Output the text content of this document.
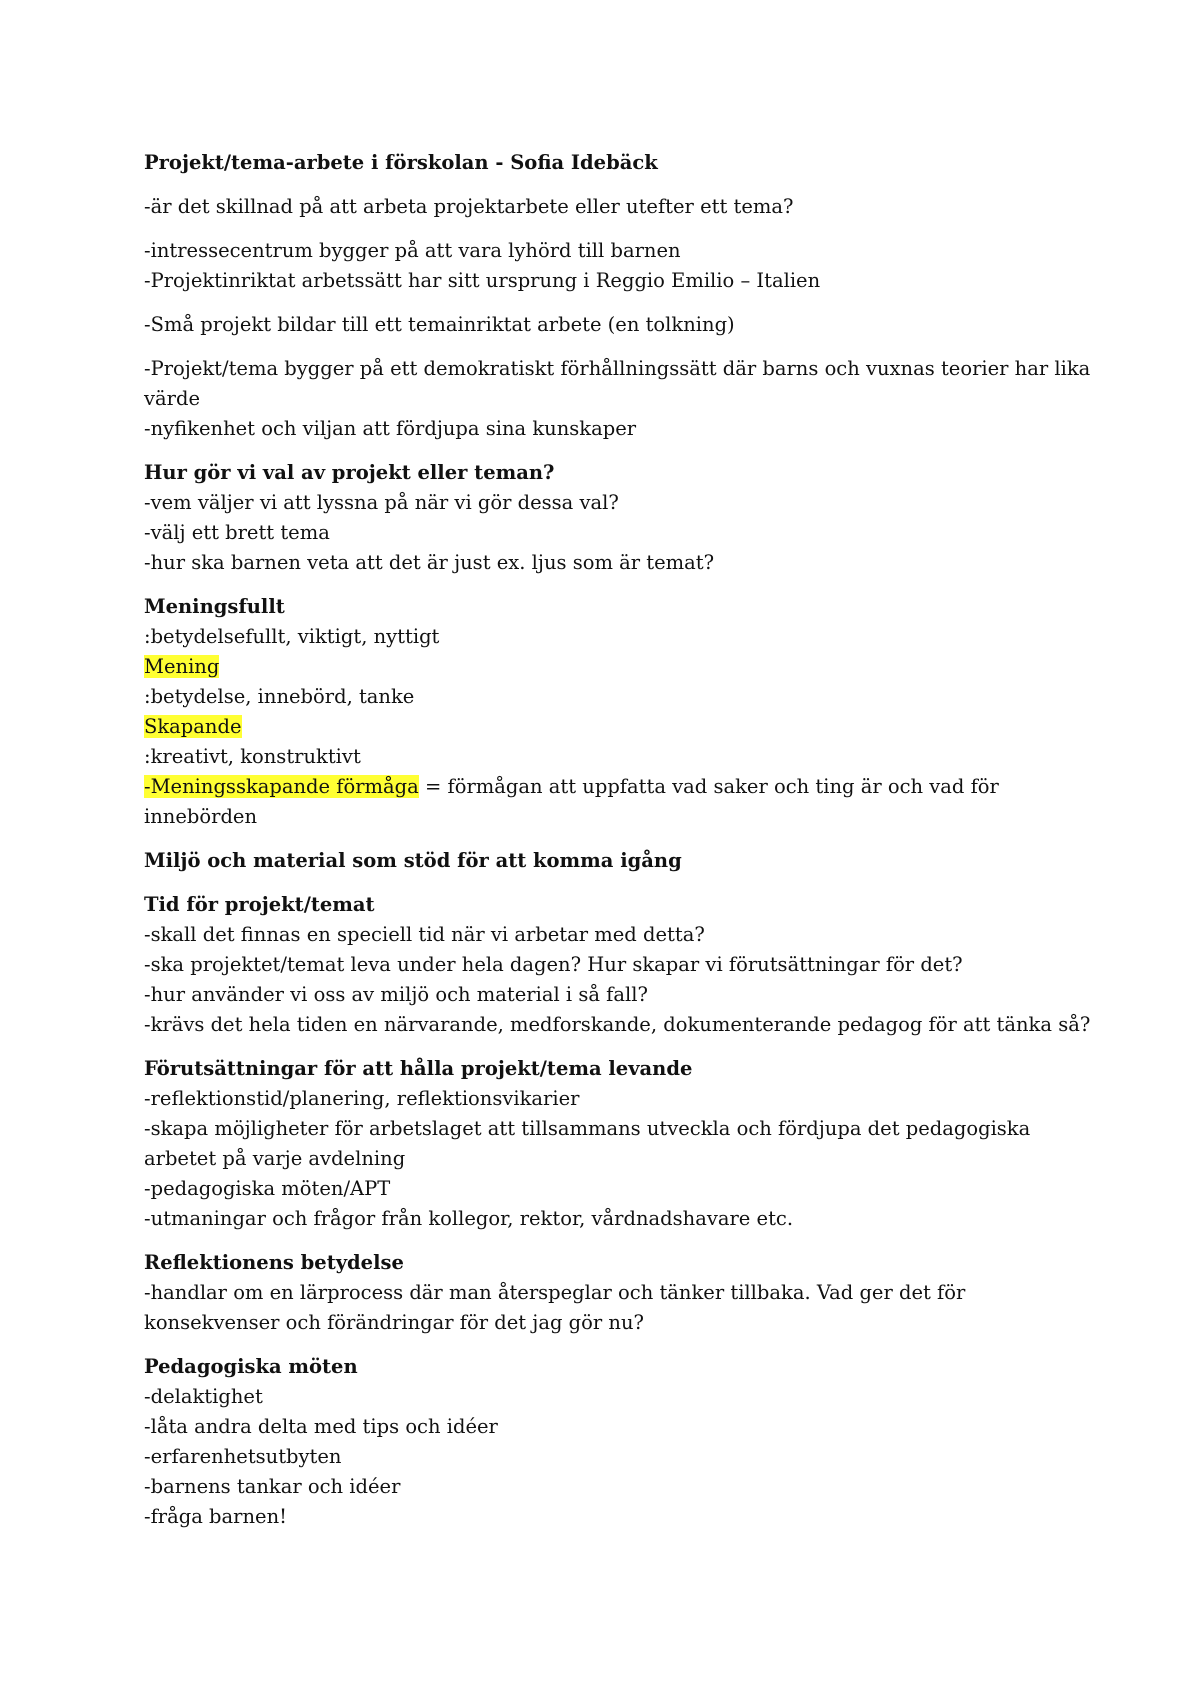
Projekt/tema-arbete i förskolan - Sofia Idebäck
-är det skillnad på att arbeta projektarbete eller utefter ett tema?
-intressecentrum bygger på att vara lyhörd till barnen
-Projektinriktat arbetssätt har sitt ursprung i Reggio Emilio – Italien
-Små projekt bildar till ett temainriktat arbete (en tolkning)
-Projekt/tema bygger på ett demokratiskt förhållningssätt där barns och vuxnas teorier har lika
värde
-nyfikenhet och viljan att fördjupa sina kunskaper
Hur gör vi val av projekt eller teman?
-vem väljer vi att lyssna på när vi gör dessa val?
-välj ett brett tema
-hur ska barnen veta att det är just ex. ljus som är temat?
Meningsfullt
:betydelsefullt, viktigt, nyttigt
Mening
:betydelse, innebörd, tanke
Skapande
:kreativt, konstruktivt
-Meningsskapande förmåga = förmågan att uppfatta vad saker och ting är och vad för
innebörden
Miljö och material som stöd för att komma igång
Tid för projekt/temat
-skall det finnas en speciell tid när vi arbetar med detta?
-ska projektet/temat leva under hela dagen? Hur skapar vi förutsättningar för det?
-hur använder vi oss av miljö och material i så fall?
-krävs det hela tiden en närvarande, medforskande, dokumenterande pedagog för att tänka så?
Förutsättningar för att hålla projekt/tema levande
-reflektionstid/planering, reflektionsvikarier
-skapa möjligheter för arbetslaget att tillsammans utveckla och fördjupa det pedagogiska
arbetet på varje avdelning
-pedagogiska möten/APT
-utmaningar och frågor från kollegor, rektor, vårdnadshavare etc.
Reflektionens betydelse
-handlar om en lärprocess där man återspeglar och tänker tillbaka. Vad ger det för
konsekvenser och förändringar för det jag gör nu?
Pedagogiska möten
-delaktighet
-låta andra delta med tips och idéer
-erfarenhetsutbyten
-barnens tankar och idéer
-fråga barnen!
